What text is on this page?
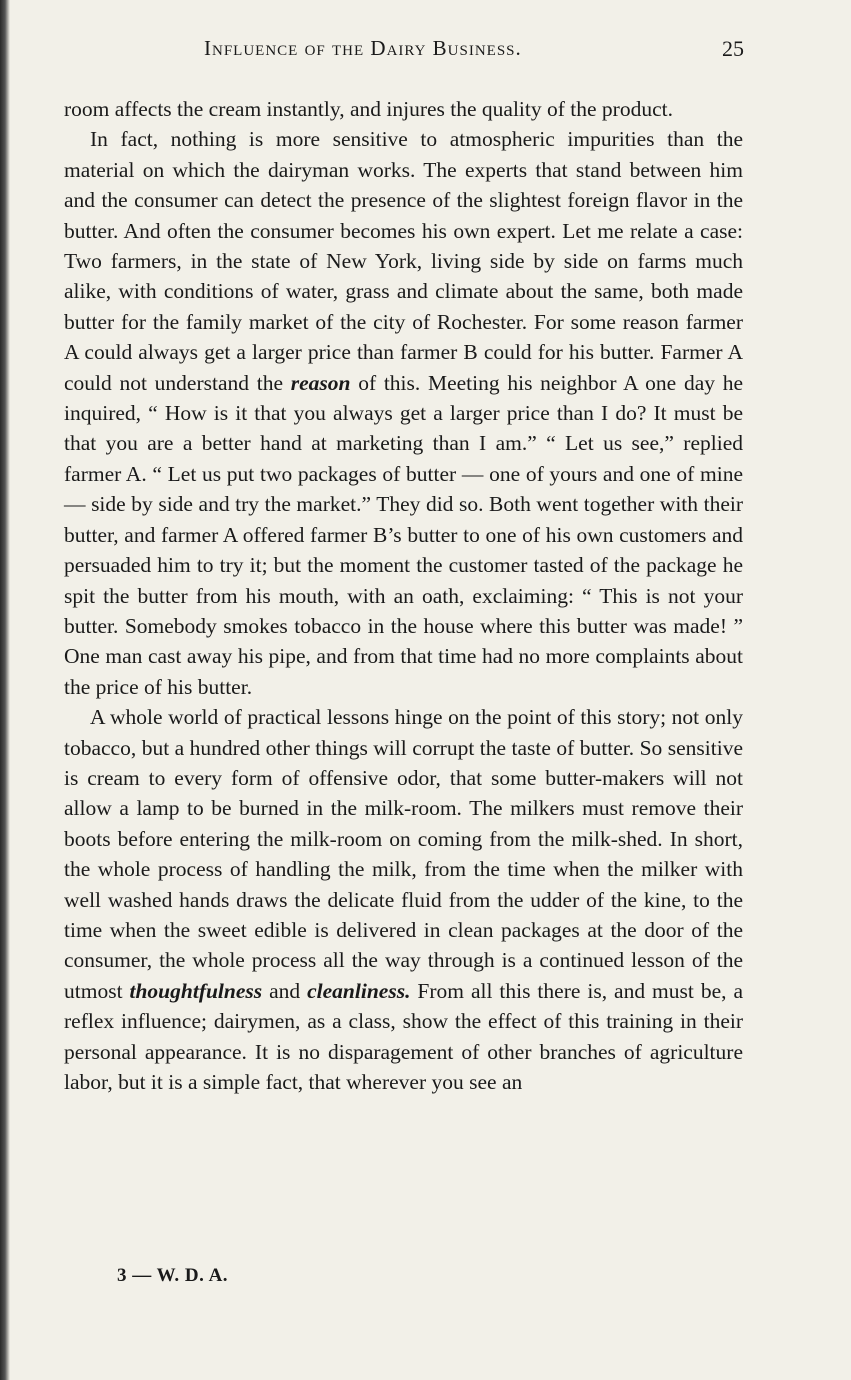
Influence of the Dairy Business.	25

room affects the cream instantly, and injures the quality of the product.

In fact, nothing is more sensitive to atmospheric impurities than the material on which the dairyman works. The experts that stand between him and the consumer can detect the presence of the slightest foreign flavor in the butter. And often the consumer becomes his own expert. Let me relate a case: Two farmers, in the state of New York, living side by side on farms much alike, with conditions of water, grass and climate about the same, both made butter for the family market of the city of Rochester. For some reason farmer A could always get a larger price than farmer B could for his butter. Farmer A could not understand the reason of this. Meeting his neighbor A one day he inquired, “ How is it that you always get a larger price than I do? It must be that you are a better hand at marketing than I am.” “ Let us see,” replied farmer A. “ Let us put two packages of butter — one of yours and one of mine — side by side and try the market.” They did so. Both went together with their butter, and farmer A offered farmer B’s butter to one of his own customers and persuaded him to try it; but the moment the customer tasted of the package he spit the butter from his mouth, with an oath, exclaiming: “ This is not your butter. Somebody smokes tobacco in the house where this butter was made! ” One man cast away his pipe, and from that time had no more complaints about the price of his butter.

A whole world of practical lessons hinge on the point of this story; not only tobacco, but a hundred other things will corrupt the taste of butter. So sensitive is cream to every form of offensive odor, that some butter-makers will not allow a lamp to be burned in the milk-room. The milkers must remove their boots before entering the milk-room on coming from the milk-shed. In short, the whole process of handling the milk, from the time when the milker with well washed hands draws the delicate fluid from the udder of the kine, to the time when the sweet edible is delivered in clean packages at the door of the consumer, the whole process all the way through is a continued lesson of the utmost thoughtfulness and cleanliness. From all this there is, and must be, a reflex influence; dairymen, as a class, show the effect of this training in their personal appearance. It is no disparagement of other branches of agriculture labor, but it is a simple fact, that wherever you see an

3 — W. D. A.
